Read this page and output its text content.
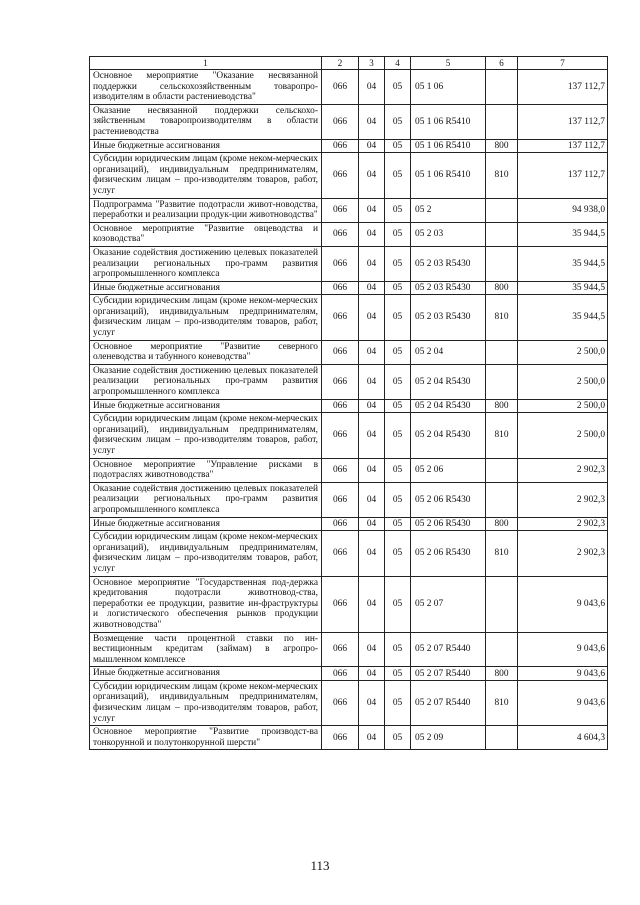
1	2	3	4	5	6	7
Основное мероприятие "Оказание несвязанной поддержки сельскохозяйственным товаропро-изводителям в области растениеводства"	066	04	05	05 1 06		137 112,7
Оказание несвязанной поддержки сельскохо-зяйственным товаропроизводителям в области растениеводства	066	04	05	05 1 06 R5410		137 112,7
Иные бюджетные ассигнования	066	04	05	05 1 06 R5410	800	137 112,7
Субсидии юридическим лицам (кроме неком-мерческих организаций), индивидуальным предпринимателям, физическим лицам – про-изводителям товаров, работ, услуг	066	04	05	05 1 06 R5410	810	137 112,7
Подпрограмма "Развитие подотрасли живот-новодства, переработки и реализации продук-ции животноводства"	066	04	05	05 2		94 938,0
Основное мероприятие "Развитие овцеводства и козоводства"	066	04	05	05 2 03		35 944,5
Оказание содействия достижению целевых показателей реализации региональных про-грамм развития агропромышленного комплекса	066	04	05	05 2 03 R5430		35 944,5
Иные бюджетные ассигнования	066	04	05	05 2 03 R5430	800	35 944,5
Субсидии юридическим лицам (кроме неком-мерческих организаций), индивидуальным предпринимателям, физическим лицам – про-изводителям товаров, работ, услуг	066	04	05	05 2 03 R5430	810	35 944,5
Основное мероприятие "Развитие северного оленеводства и табунного коневодства"	066	04	05	05 2 04		2 500,0
Оказание содействия достижению целевых показателей реализации региональных про-грамм развития агропромышленного комплекса	066	04	05	05 2 04 R5430		2 500,0
Иные бюджетные ассигнования	066	04	05	05 2 04 R5430	800	2 500,0
Субсидии юридическим лицам (кроме неком-мерческих организаций), индивидуальным предпринимателям, физическим лицам – про-изводителям товаров, работ, услуг	066	04	05	05 2 04 R5430	810	2 500,0
Основное мероприятие "Управление рисками в подотраслях животноводства"	066	04	05	05 2 06		2 902,3
Оказание содействия достижению целевых показателей реализации региональных про-грамм развития агропромышленного комплекса	066	04	05	05 2 06 R5430		2 902,3
Иные бюджетные ассигнования	066	04	05	05 2 06 R5430	800	2 902,3
Субсидии юридическим лицам (кроме неком-мерческих организаций), индивидуальным предпринимателям, физическим лицам – про-изводителям товаров, работ, услуг	066	04	05	05 2 06 R5430	810	2 902,3
Основное мероприятие "Государственная под-держка кредитования подотрасли животновод-ства, переработки ее продукции, развитие ин-фраструктуры и логистического обеспечения рынков продукции животноводства"	066	04	05	05 2 07		9 043,6
Возмещение части процентной ставки по ин-вестиционным кредитам (займам) в агропро-мышленном комплексе	066	04	05	05 2 07 R5440		9 043,6
Иные бюджетные ассигнования	066	04	05	05 2 07 R5440	800	9 043,6
Субсидии юридическим лицам (кроме неком-мерческих организаций), индивидуальным предпринимателям, физическим лицам – про-изводителям товаров, работ, услуг	066	04	05	05 2 07 R5440	810	9 043,6
Основное мероприятие "Развитие производст-ва тонкорунной и полутонкорунной шерсти"	066	04	05	05 2 09		4 604,3
113
